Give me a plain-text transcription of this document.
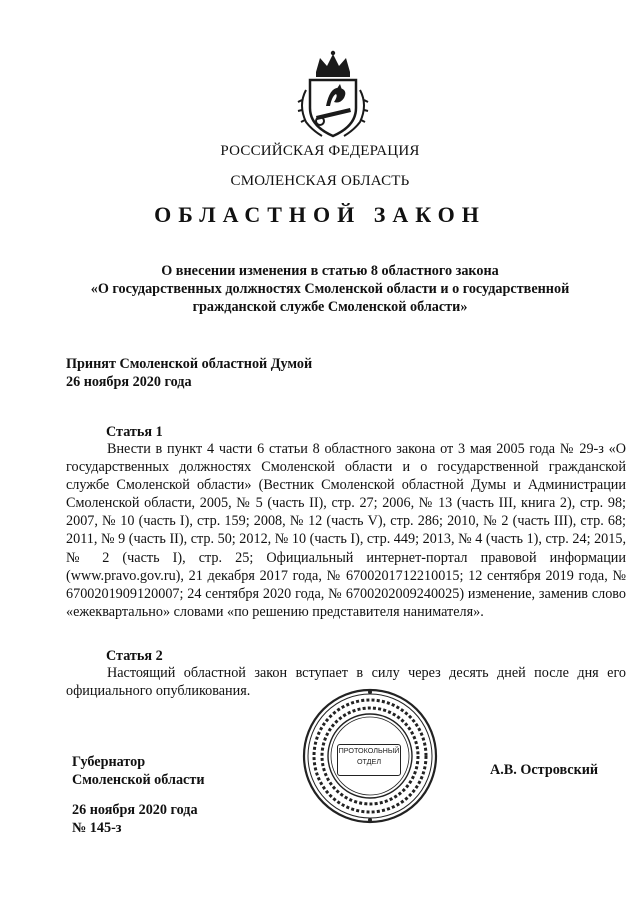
РОССИЙСКАЯ ФЕДЕРАЦИЯ
СМОЛЕНСКАЯ ОБЛАСТЬ
ОБЛАСТНОЙ ЗАКОН
О внесении изменения в статью 8 областного закона
«О государственных должностях Смоленской области и о государственной
гражданской службе Смоленской области»
Принят Смоленской областной Думой
26 ноября 2020 года
Статья 1

Внести в пункт 4 части 6 статьи 8 областного закона от 3 мая 2005 года № 29-з «О государственных должностях Смоленской области и о государственной гражданской службе Смоленской области» (Вестник Смоленской областной Думы и Администрации Смоленской области, 2005, № 5 (часть II), стр. 27; 2006, № 13 (часть III, книга 2), стр. 98; 2007, № 10 (часть I), стр. 159; 2008, № 12 (часть V), стр. 286; 2010, № 2 (часть III), стр. 68; 2011, № 9 (часть II), стр. 50; 2012, № 10 (часть I), стр. 449; 2013, № 4 (часть 1), стр. 24; 2015, № 2 (часть I), стр. 25; Официальный интернет-портал правовой информации (www.pravo.gov.ru), 21 декабря 2017 года, № 6700201712210015; 12 сентября 2019 года, № 6700201909120007; 24 сентября 2020 года, № 6700202009240025) изменение, заменив слово «ежеквартально» словами «по решению представителя нанимателя».

Статья 2

Настоящий областной закон вступает в силу через десять дней после дня его официального опубликования.

Губернатор
Смоленской области
26 ноября 2020 года
№ 145-з
А.В. Островский
ПРОТОКОЛЬНЫЙ
ОТДЕЛ
